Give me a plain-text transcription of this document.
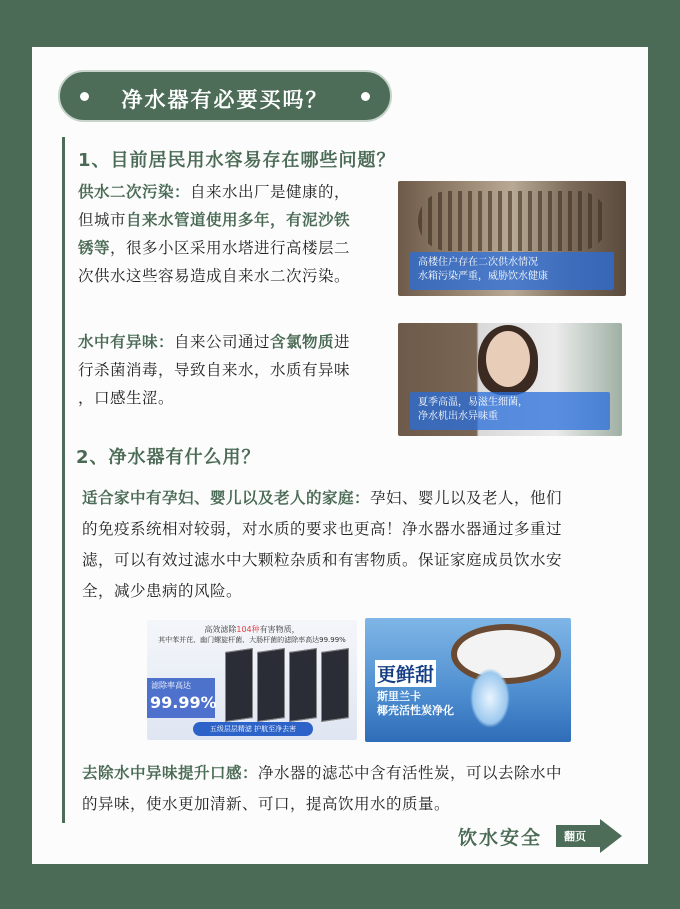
净水器有必要买吗？
1、目前居民用水容易存在哪些问题？
供水二次污染：自来水出厂是健康的，
但城市自来水管道使用多年，有泥沙铁
锈等，很多小区采用水塔进行高楼层二
次供水这些容易造成自来水二次污染。
高楼住户存在二次供水情况
水箱污染严重，威胁饮水健康
水中有异味：自来公司通过含氯物质进
行杀菌消毒，导致自来水，水质有异味
，口感生涩。	夏季高温，易滋生细菌，
净水机出水异味重
2、净水器有什么用？
适合家中有孕妇、婴儿以及老人的家庭：孕妇、婴儿以及老人，他们
的免疫系统相对较弱，对水质的要求也更高！净水器水器通过多重过
滤，可以有效过滤水中大颗粒杂质和有害物质。保证家庭成员饮水安
全，减少患病的风险。
高效滤除104种有害物质，
其中苯并芘、幽门螺旋杆菌、大肠杆菌的滤除率高达99.99%
滤除率高达
99.99%
五级层层精滤 护航至净去害
更鲜甜
斯里兰卡
椰壳活性炭净化
去除水中异味提升口感：净水器的滤芯中含有活性炭，可以去除水中
的异味，使水更加清新、可口，提高饮用水的质量。
饮水安全 翻页
